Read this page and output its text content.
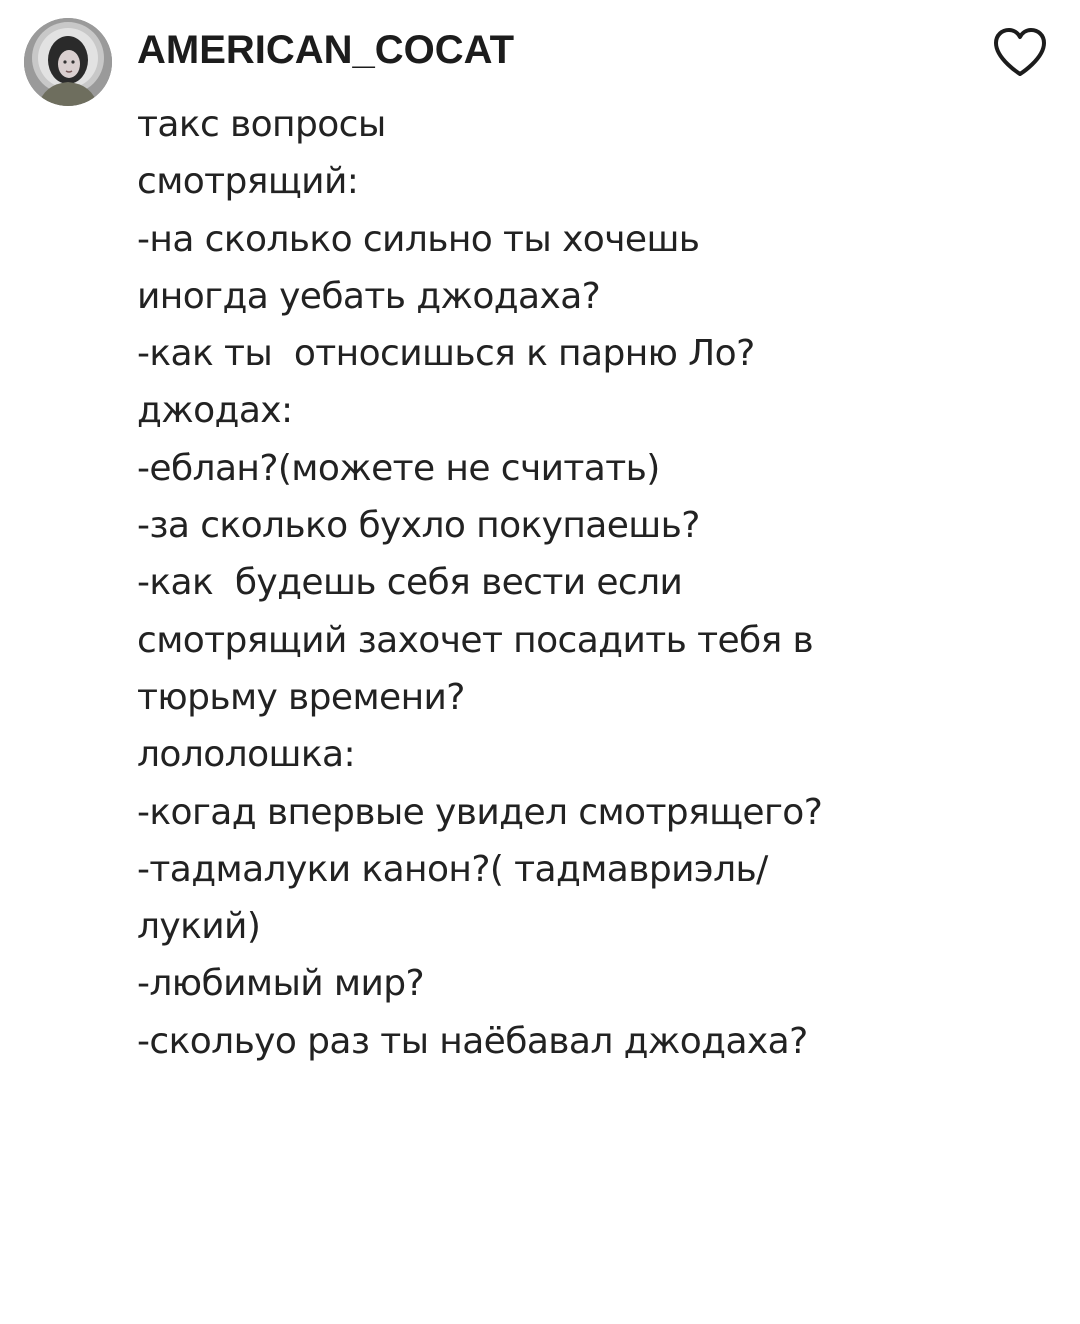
AMERICAN_COCAT
такс вопросы
смотрящий:
-на сколько сильно ты хочешь
иногда уебать джодаха?
-как ты  относишься к парню Ло?
джодах:
-еблан?(можете не считать)
-за сколько бухло покупаешь?
-как  будешь себя вести если
смотрящий захочет посадить тебя в
тюрьму времени?
лололошка:
-когад впервые увидел смотрящего?
-тадмалуки канон?( тадмавриэль/
лукий)
-любимый мир?
-скольуо раз ты наёбавал джодаха?
